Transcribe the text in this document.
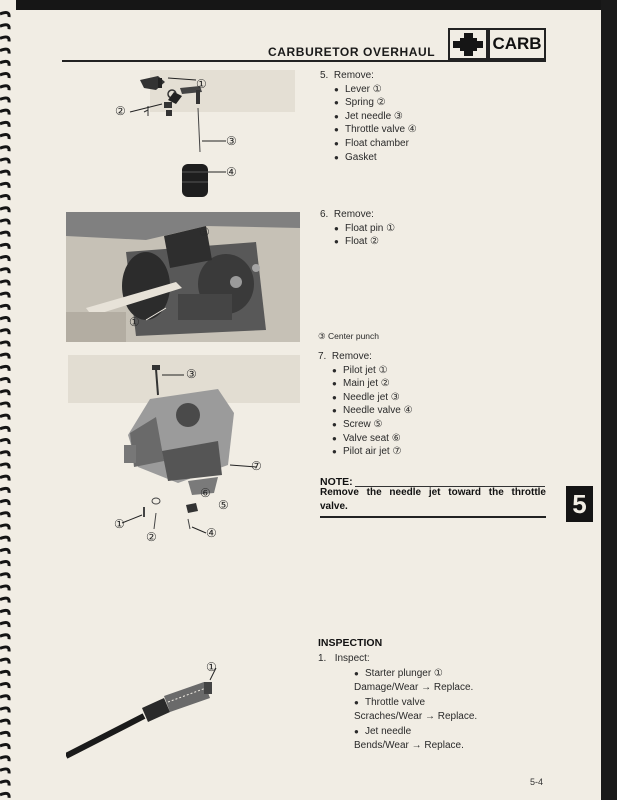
CARBURETOR OVERHAUL	CARB
①
②
③
④
③
①
③
⑦
⑥
⑤
①
④
②
①
5. Remove:
● Lever ①
● Spring ②
● Jet needle ③
● Throttle valve ④
● Float chamber
● Gasket
6. Remove:
● Float pin ①
● Float ②
③ Center punch
7. Remove:
● Pilot jet ①
● Main jet ②
● Needle jet ③
● Needle valve ④
● Screw ⑤
● Valve seat ⑥
● Pilot air jet ⑦
NOTE:
Remove the needle jet toward the throttle valve.	5
INSPECTION
1. Inspect:
● Starter plunger ①
Damage/Wear → Replace.
● Throttle valve
Scraches/Wear → Replace.
● Jet needle
Bends/Wear → Replace.
5-4
